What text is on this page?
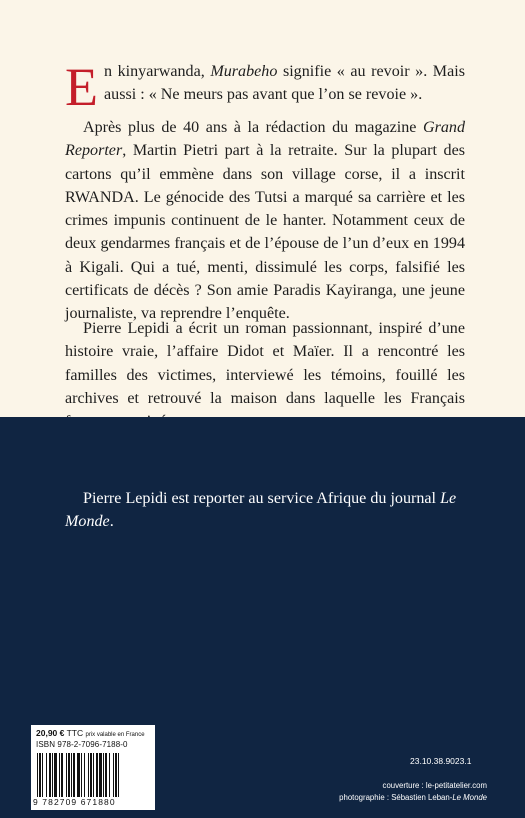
En kinyarwanda, Murabeho signifie « au revoir ». Mais aussi : « Ne meurs pas avant que l’on se revoie ».

Après plus de 40 ans à la rédaction du magazine Grand Reporter, Martin Pietri part à la retraite. Sur la plupart des cartons qu’il emmène dans son village corse, il a inscrit RWANDA. Le génocide des Tutsi a marqué sa carrière et les crimes impunis continuent de le hanter. Notamment ceux de deux gendarmes français et de l’épouse de l’un d’eux en 1994 à Kigali. Qui a tué, menti, dissimulé les corps, falsifié les certificats de décès ? Son amie Paradis Kayiranga, une jeune journaliste, va reprendre l’enquête.

Pierre Lepidi a écrit un roman passionnant, inspiré d’une histoire vraie, l’affaire Didot et Maïer. Il a rencontré les familles des victimes, interviewé les témoins, fouillé les archives et retrouvé la maison dans laquelle les Français

Pierre Lepidi est reporter au service Afrique du journal Le Monde.

20,90 € TTC prix valable en France
ISBN 978-2-7096-7188-0
9 782709 671880
23.10.38.9023.1
couverture : le-petitatelier.com
photographie : Sébastien Leban-Le Monde
